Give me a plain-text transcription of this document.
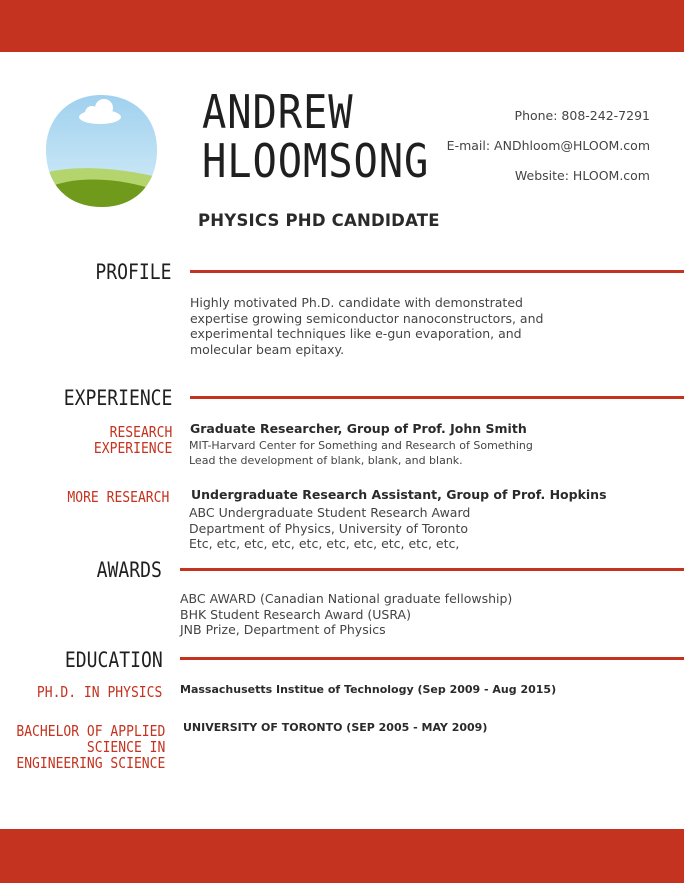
ANDREW
HLOOMSONG
PHYSICS PHD CANDIDATE
Phone: 808-242-7291
E-mail: ANDhloom@HLOOM.com
Website: HLOOM.com
PROFILE
Highly motivated Ph.D. candidate with demonstrated
expertise growing semiconductor nanoconstructors, and
experimental techniques like e-gun evaporation, and
molecular beam epitaxy.
EXPERIENCE
RESEARCH
EXPERIENCE
Graduate Researcher, Group of Prof. John Smith
MIT-Harvard Center for Something and Research of Something
Lead the development of blank, blank, and blank.
MORE RESEARCH Undergraduate Research Assistant, Group of Prof. Hopkins
ABC Undergraduate Student Research Award
Department of Physics, University of Toronto
Etc, etc, etc, etc, etc, etc, etc, etc, etc, etc,
AWARDS
ABC AWARD (Canadian National graduate fellowship)
BHK Student Research Award (USRA)
JNB Prize, Department of Physics
EDUCATION
PH.D. IN PHYSICS Massachusetts Institue of Technology (Sep 2009 - Aug 2015)
BACHELOR OF APPLIED
SCIENCE IN
ENGINEERING SCIENCE
UNIVERSITY OF TORONTO (SEP 2005 - MAY 2009)
